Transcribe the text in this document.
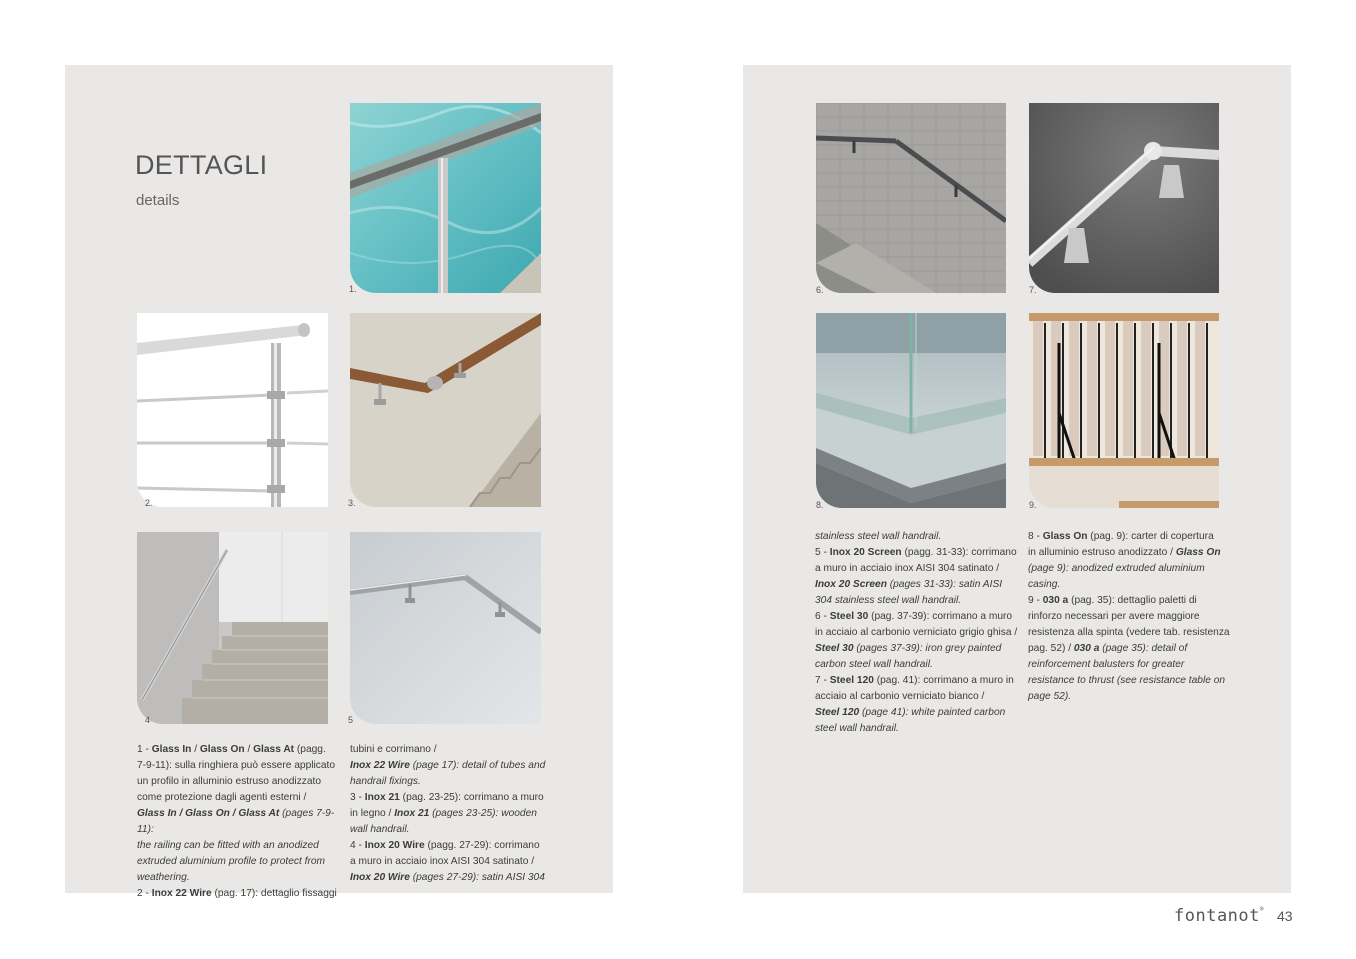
DETTAGLI
details
1.
2.	3.
4	5
6.	7.
8.	9.
1 - Glass In / Glass On / Glass At (pagg.
7-9-11): sulla ringhiera può essere applicato
un profilo in alluminio estruso anodizzato
come protezione dagli agenti esterni /
Glass In / Glass On / Glass At (pages 7-9-11):
the railing can be fitted with an anodized
extruded aluminium profile to protect from
weathering.
2 - Inox 22 Wire (pag. 17): dettaglio fissaggi
tubini e corrimano /
Inox 22 Wire (page 17): detail of tubes and
handrail fixings.
3 - Inox 21 (pag. 23-25): corrimano a muro
in legno / Inox 21 (pages 23-25): wooden
wall handrail.
4 - Inox 20 Wire (pagg. 27-29): corrimano
a muro in acciaio inox AISI 304 satinato /
Inox 20 Wire (pages 27-29): satin AISI 304
stainless steel wall handrail.
5 - Inox 20 Screen (pagg. 31-33): corrimano
a muro in acciaio inox AISI 304 satinato /
Inox 20 Screen (pages 31-33): satin AISI
304 stainless steel wall handrail.
6 - Steel 30 (pag. 37-39): corrimano a muro
in acciaio al carbonio verniciato grigio ghisa /
Steel 30 (pages 37-39): iron grey painted
carbon steel wall handrail.
7 - Steel 120 (pag. 41): corrimano a muro in
acciaio al carbonio verniciato bianco /
Steel 120 (page 41): white painted carbon
steel wall handrail.
8 - Glass On (pag. 9): carter di copertura
in alluminio estruso anodizzato / Glass On
(page 9): anodized extruded aluminium
casing.
9 - 030 a (pag. 35): dettaglio paletti di
rinforzo necessari per avere maggiore
resistenza alla spinta (vedere tab. resistenza
pag. 52) / 030 a (page 35): detail of
reinforcement balusters for greater
resistance to thrust (see resistance table on
page 52).
fontanot® 43
